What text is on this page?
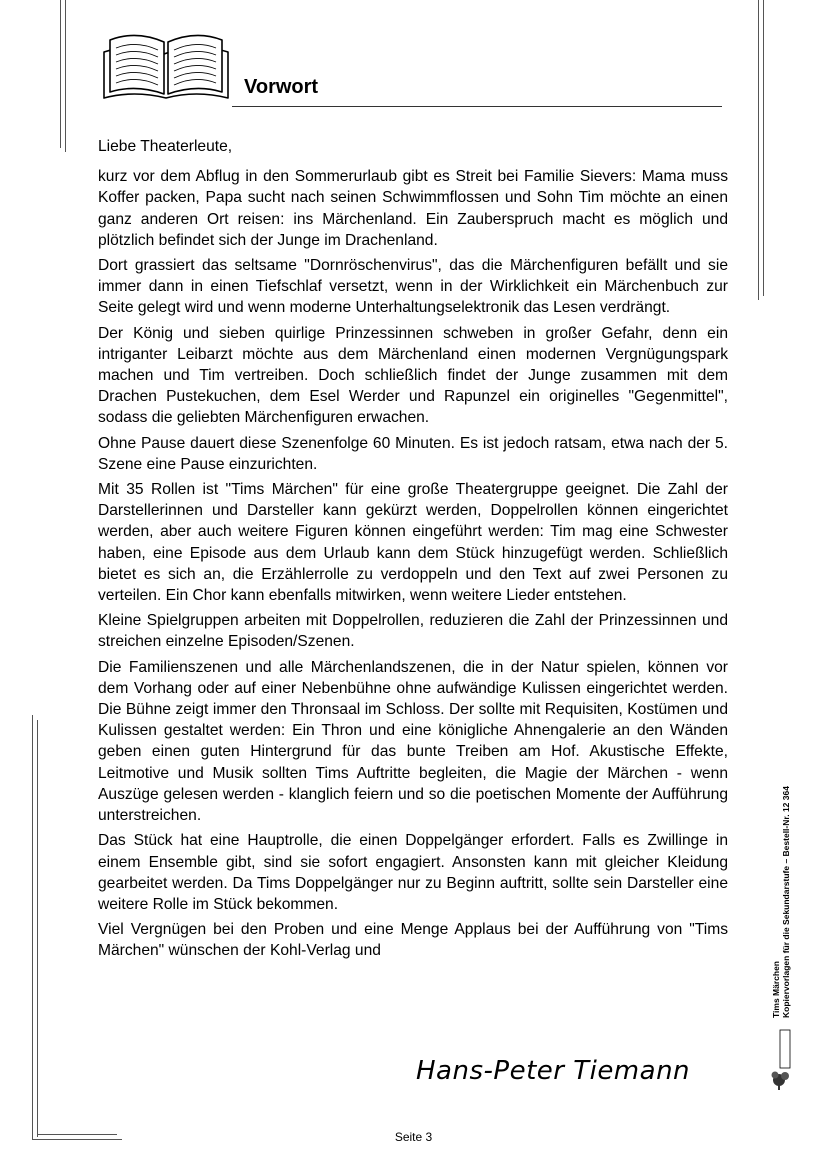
Vorwort

Liebe Theaterleute,

kurz vor dem Abflug in den Sommerurlaub gibt es Streit bei Familie Sievers: Mama muss Koffer packen, Papa sucht nach seinen Schwimmflossen und Sohn Tim möchte an einen ganz anderen Ort reisen: ins Märchenland. Ein Zauberspruch macht es möglich und plötzlich befindet sich der Junge im Drachenland.

Dort grassiert das seltsame "Dornröschenvirus", das die Märchenfiguren befällt und sie immer dann in einen Tiefschlaf versetzt, wenn in der Wirklichkeit ein Märchenbuch zur Seite gelegt wird und wenn moderne Unterhaltungselektronik das Lesen verdrängt.

Der König und sieben quirlige Prinzessinnen schweben in großer Gefahr, denn ein intriganter Leibarzt möchte aus dem Märchenland einen modernen Vergnügungspark machen und Tim vertreiben. Doch schließlich findet der Junge zusammen mit dem Drachen Pustekuchen, dem Esel Werder und Rapunzel ein originelles "Gegenmittel", sodass die geliebten Märchenfiguren erwachen.

Ohne Pause dauert diese Szenenfolge 60 Minuten. Es ist jedoch ratsam, etwa nach der 5. Szene eine Pause einzurichten.

Mit 35 Rollen ist "Tims Märchen" für eine große Theatergruppe geeignet. Die Zahl der Darstellerinnen und Darsteller kann gekürzt werden, Doppelrollen können eingerichtet werden, aber auch weitere Figuren können eingeführt werden: Tim mag eine Schwester haben, eine Episode aus dem Urlaub kann dem Stück hinzugefügt werden. Schließlich bietet es sich an, die Erzählerrolle zu verdoppeln und den Text auf zwei Personen zu verteilen. Ein Chor kann ebenfalls mitwirken, wenn weitere Lieder entstehen.

Kleine Spielgruppen arbeiten mit Doppelrollen, reduzieren die Zahl der Prinzessinnen und streichen einzelne Episoden/Szenen.

Die Familienszenen und alle Märchenlandszenen, die in der Natur spielen, können vor dem Vorhang oder auf einer Nebenbühne ohne aufwändige Kulissen eingerichtet werden. Die Bühne zeigt immer den Thronsaal im Schloss. Der sollte mit Requisiten, Kostümen und Kulissen gestaltet werden: Ein Thron und eine königliche Ahnengalerie an den Wänden geben einen guten Hintergrund für das bunte Treiben am Hof. Akustische Effekte, Leitmotive und Musik sollten Tims Auftritte begleiten, die Magie der Märchen - wenn Auszüge gelesen werden - klanglich feiern und so die poetischen Momente der Aufführung unterstreichen.

Das Stück hat eine Hauptrolle, die einen Doppelgänger erfordert. Falls es Zwillinge in einem Ensemble gibt, sind sie sofort engagiert. Ansonsten kann mit gleicher Kleidung gearbeitet werden. Da Tims Doppelgänger nur zu Beginn auftritt, sollte sein Darsteller eine weitere Rolle im Stück bekommen.

Viel Vergnügen bei den Proben und eine Menge Applaus bei der Aufführung von "Tims Märchen" wünschen der Kohl-Verlag und

Hans-Peter Tiemann
Tims Märchen Kopiervorlagen für die Sekundarstufe – Bestell-Nr. 12 364
Seite 3
